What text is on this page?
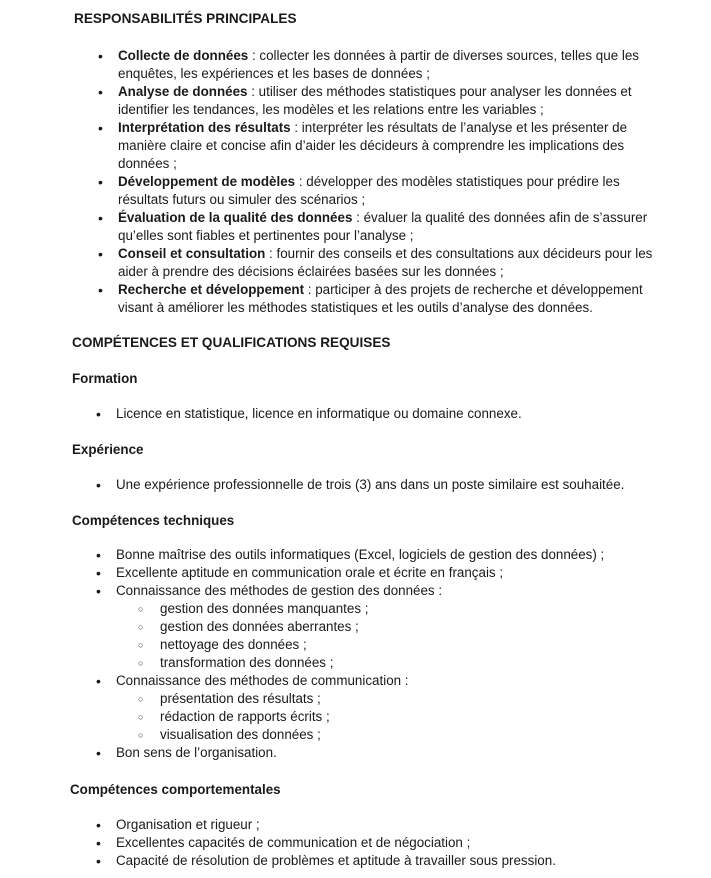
RESPONSABILITÉS PRINCIPALES
• Collecte de données : collecter les données à partir de diverses sources, telles que les enquêtes, les expériences et les bases de données ;
• Analyse de données : utiliser des méthodes statistiques pour analyser les données et identifier les tendances, les modèles et les relations entre les variables ;
• Interprétation des résultats : interpréter les résultats de l’analyse et les présenter de manière claire et concise afin d’aider les décideurs à comprendre les implications des données ;
• Développement de modèles : développer des modèles statistiques pour prédire les résultats futurs ou simuler des scénarios ;
• Évaluation de la qualité des données : évaluer la qualité des données afin de s’assurer qu’elles sont fiables et pertinentes pour l’analyse ;
• Conseil et consultation : fournir des conseils et des consultations aux décideurs pour les aider à prendre des décisions éclairées basées sur les données ;
• Recherche et développement : participer à des projets de recherche et développement visant à améliorer les méthodes statistiques et les outils d’analyse des données.
COMPÉTENCES ET QUALIFICATIONS REQUISES
Formation
• Licence en statistique, licence en informatique ou domaine connexe.
Expérience
• Une expérience professionnelle de trois (3) ans dans un poste similaire est souhaitée.
Compétences techniques
• Bonne maîtrise des outils informatiques (Excel, logiciels de gestion des données) ;
• Excellente aptitude en communication orale et écrite en français ;
• Connaissance des méthodes de gestion des données :
○ gestion des données manquantes ;
○ gestion des données aberrantes ;
○ nettoyage des données ;
○ transformation des données ;
• Connaissance des méthodes de communication :
○ présentation des résultats ;
○ rédaction de rapports écrits ;
○ visualisation des données ;
• Bon sens de l’organisation.
Compétences comportementales
• Organisation et rigueur ;
• Excellentes capacités de communication et de négociation ;
• Capacité de résolution de problèmes et aptitude à travailler sous pression.
